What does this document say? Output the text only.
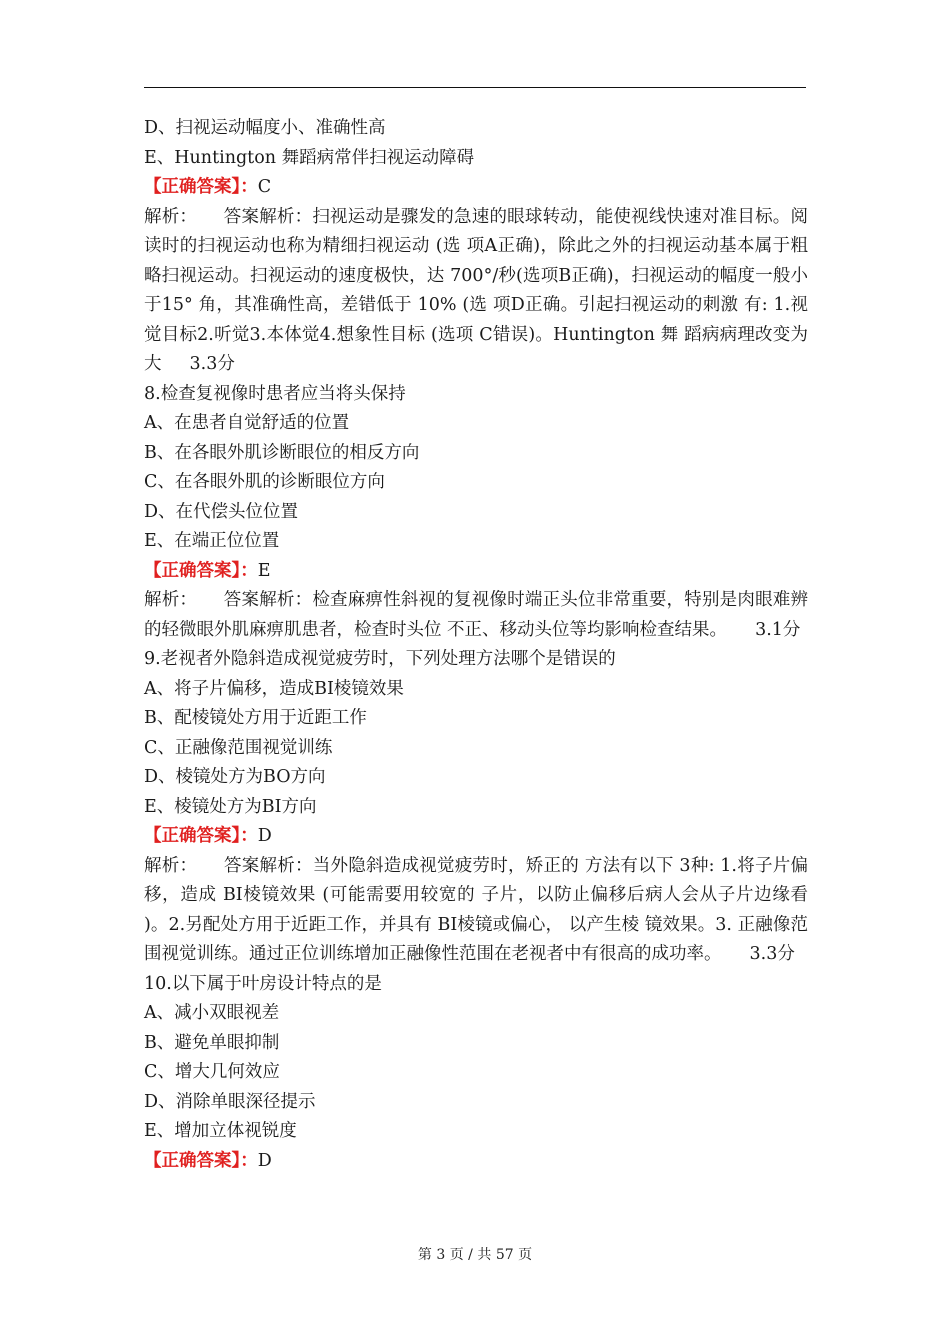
D、扫视运动幅度小、准确性高
E、Huntington 舞蹈病常伴扫视运动障碍
【正确答案】：C
解析：　　答案解析：扫视运动是骤发的急速的眼球转动，能使视线快速对准目标。阅读时的扫视运动也称为精细扫视运动 (选 项A正确)，除此之外的扫视运动基本属于粗略扫视运动。扫视运动的速度极快，达 700°/秒(选项B正确)，扫视运动的幅度一般小 于15° 角，其准确性高，差错低于 10% (选 项D正确。引起扫视运动的刺激 有: 1.视觉目标2.听觉3.本体觉4.想象性目标 (选项 C错误)。Huntington 舞 蹈病病理改变为大 3.3分
8.检查复视像时患者应当将头保持
A、在患者自觉舒适的位置
B、在各眼外肌诊断眼位的相反方向
C、在各眼外肌的诊断眼位方向
D、在代偿头位位置
E、在端正位位置
【正确答案】：E
解析：　　答案解析：检查麻痹性斜视的复视像时端正头位非常重要，特别是肉眼难辨的轻微眼外肌麻痹肌患者，检查时头位 不正、移动头位等均影响检查结果。 3.1分
9.老视者外隐斜造成视觉疲劳时，下列处理方法哪个是错误的
A、将子片偏移，造成BI棱镜效果
B、配棱镜处方用于近距工作
C、正融像范围视觉训练
D、棱镜处方为BO方向
E、棱镜处方为BI方向
【正确答案】：D
解析：　　答案解析：当外隐斜造成视觉疲劳时，矫正的 方法有以下 3种: 1.将子片偏移，造成 BI棱镜效果 (可能需要用较宽的 子片，以防止偏移后病人会从子片边缘看 )。2.另配处方用于近距工作，并具有 BI棱镜或偏心， 以产生棱 镜效果。3. 正融像范围视觉训练。通过正位训练增加正融像性范围在老视者中有很高的成功率。 3.3分
10.以下属于叶房设计特点的是
A、减小双眼视差
B、避免单眼抑制
C、增大几何效应
D、消除单眼深径提示
E、增加立体视锐度
【正确答案】：D
第 3 页 / 共 57 页
